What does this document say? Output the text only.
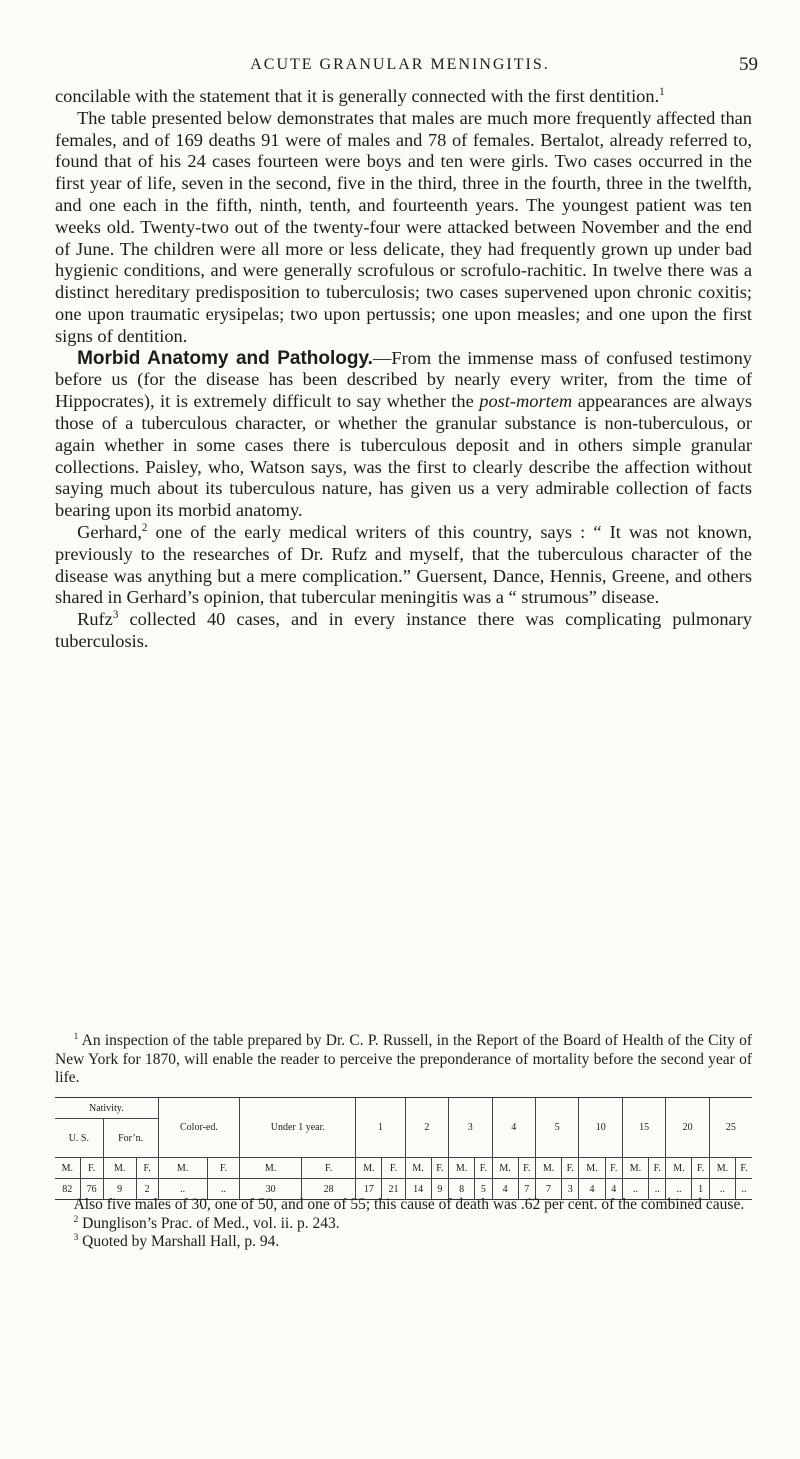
ACUTE GRANULAR MENINGITIS.	59

concilable with the statement that it is generally connected with the first dentition.$^1$

The table presented below demonstrates that males are much more frequently affected than females, and of 169 deaths 91 were of males and 78 of females. Bertalot, already referred to, found that of his 24 cases fourteen were boys and ten were girls. Two cases occurred in the first year of life, seven in the second, five in the third, three in the fourth, three in the twelfth, and one each in the fifth, ninth, tenth, and fourteenth years. The youngest patient was ten weeks old. Twenty-two out of the twenty-four were attacked between November and the end of June. The children were all more or less delicate, they had frequently grown up under bad hygienic conditions, and were generally scrofulous or scrofulo-rachitic. In twelve there was a distinct hereditary predisposition to tuberculosis; two cases supervened upon chronic coxitis; one upon traumatic erysipelas; two upon pertussis; one upon measles; and one upon the first signs of dentition.

Morbid Anatomy and Pathology.—From the immense mass of confused testimony before us (for the disease has been described by nearly every writer, from the time of Hippocrates), it is extremely difficult to say whether the post-mortem appearances are always those of a tuberculous character, or whether the granular substance is non-tuberculous, or again whether in some cases there is tuberculous deposit and in others simple granular collections. Paisley, who, Watson says, was the first to clearly describe the affection without saying much about its tuberculous nature, has given us a very admirable collection of facts bearing upon its morbid anatomy.

Gerhard,$^2$ one of the early medical writers of this country, says : “ It was not known, previously to the researches of Dr. Rufz and myself, that the tuberculous character of the disease was anything but a mere complication.” Guersent, Dance, Hennis, Greene, and others shared in Gerhard’s opinion, that tubercular meningitis was a “ strumous” disease.

Rufz$^3$ collected 40 cases, and in every instance there was complicating pulmonary tuberculosis.

$^1$ An inspection of the table prepared by Dr. C. P. Russell, in the Report of the Board of Health of the City of New York for 1870, will enable the reader to perceive the preponderance of mortality before the second year of life.

Nativity.				Color-ed.		Under 1 year.		1		2		3		4		5		10		15		20		25	
U. S.		For’n.																							
M.	F.	M.	F.	M.	F.	M.	F.	M.	F.	M.	F.	M.	F.	M.	F.	M.	F.	M.	F.	M.	F.	M.	F.	M.	F.
82	76	9	2	..	..	30	28	17	21	14	9	8	5	4	7	7	3	4	4	..	..	..	1	..	..

Also five males of 30, one of 50, and one of 55; this cause of death was .62 per cent. of the combined cause.

$^2$ Dunglison’s Prac. of Med., vol. ii. p. 243.

$^3$ Quoted by Marshall Hall, p. 94.
